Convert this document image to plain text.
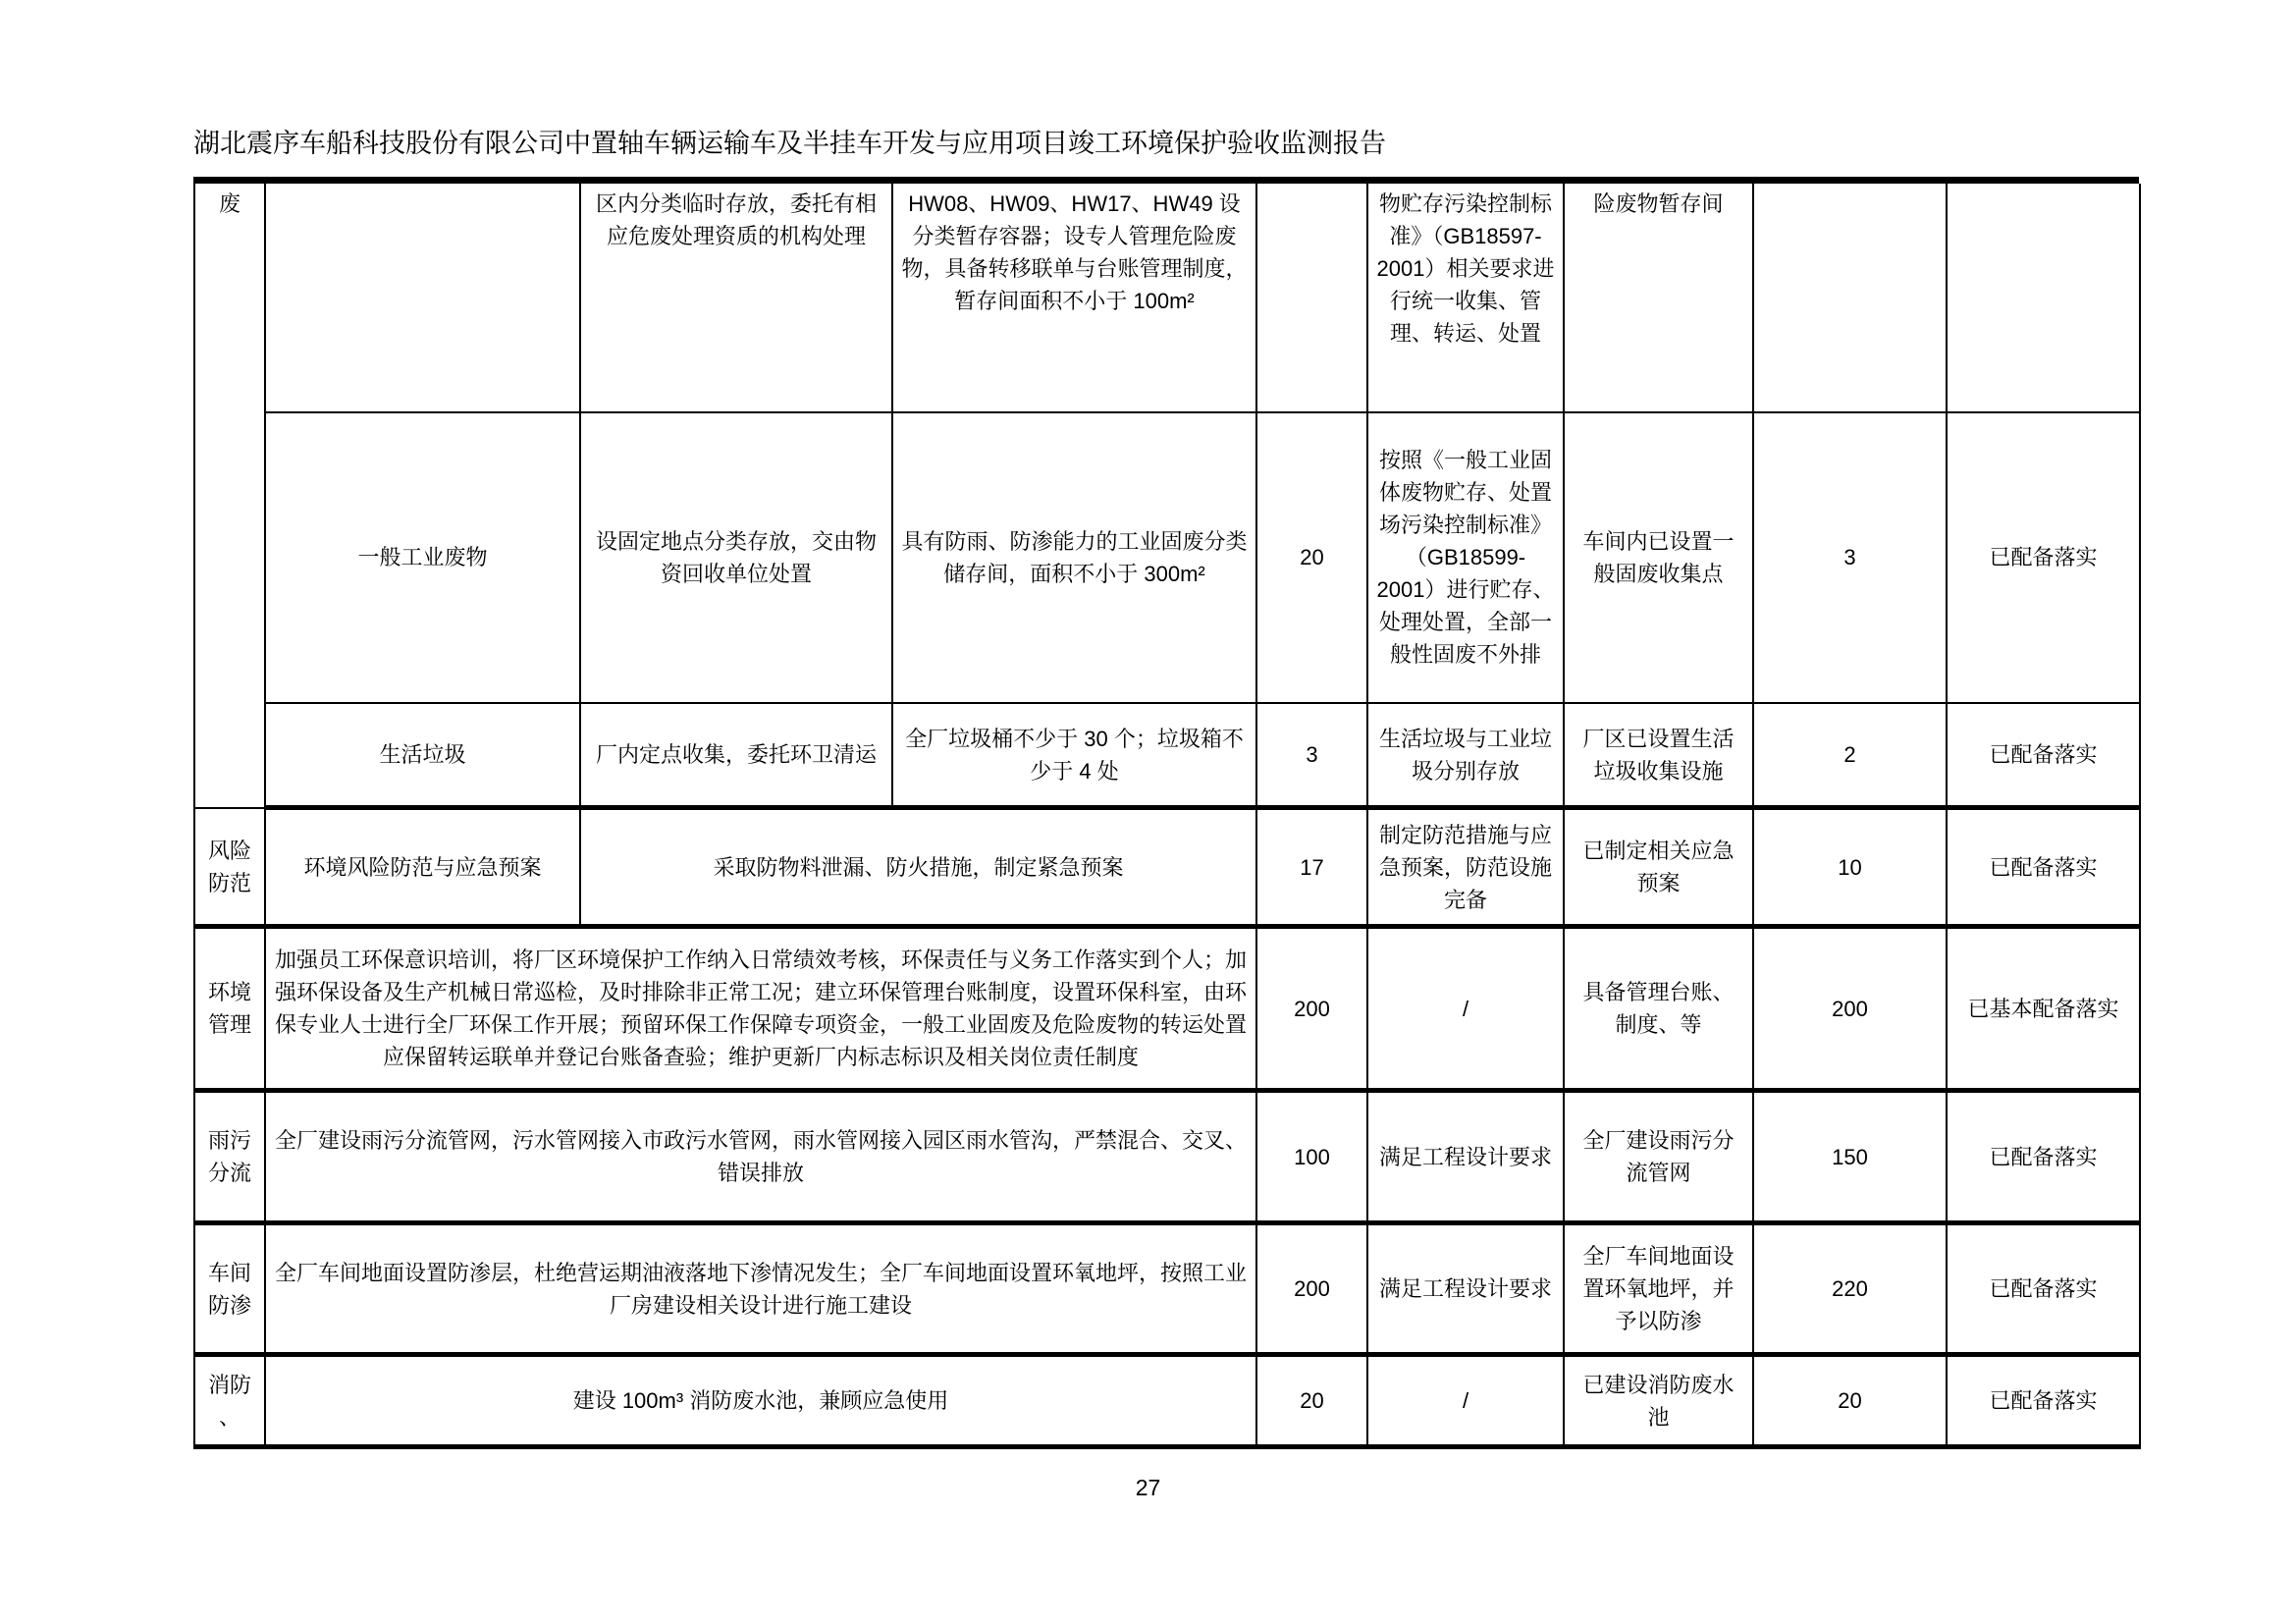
湖北震序车船科技股份有限公司中置轴车辆运输车及半挂车开发与应用项目竣工环境保护验收监测报告
废		区内分类临时存放，委托有相应危废处理资质的机构处理	HW08、HW09、HW17、HW49 设分类暂存容器；设专人管理危险废物，具备转移联单与台账管理制度，暂存间面积不小于 100m²		物贮存污染控制标准》（GB18597-2001）相关要求进行统一收集、管理、转运、处置	险废物暂存间		
	一般工业废物	设固定地点分类存放，交由物资回收单位处置	具有防雨、防渗能力的工业固废分类储存间，面积不小于 300m²	20	按照《一般工业固体废物贮存、处置场污染控制标准》（GB18599-2001）进行贮存、处理处置，全部一般性固废不外排	车间内已设置一般固废收集点	3	已配备落实
	生活垃圾	厂内定点收集，委托环卫清运	全厂垃圾桶不少于 30 个；垃圾箱不少于 4 处	3	生活垃圾与工业垃圾分别存放	厂区已设置生活垃圾收集设施	2	已配备落实
风险防范	环境风险防范与应急预案	采取防物料泄漏、防火措施，制定紧急预案		17	制定防范措施与应急预案，防范设施完备	已制定相关应急预案	10	已配备落实
环境管理	加强员工环保意识培训，将厂区环境保护工作纳入日常绩效考核，环保责任与义务工作落实到个人；加强环保设备及生产机械日常巡检，及时排除非正常工况；建立环保管理台账制度，设置环保科室，由环保专业人士进行全厂环保工作开展；预留环保工作保障专项资金，一般工业固废及危险废物的转运处置应保留转运联单并登记台账备查验；维护更新厂内标志标识及相关岗位责任制度			200	/	具备管理台账、制度、等	200	已基本配备落实
雨污分流	全厂建设雨污分流管网，污水管网接入市政污水管网，雨水管网接入园区雨水管沟，严禁混合、交叉、错误排放			100	满足工程设计要求	全厂建设雨污分流管网	150	已配备落实
车间防渗	全厂车间地面设置防渗层，杜绝营运期油液落地下渗情况发生；全厂车间地面设置环氧地坪，按照工业厂房建设相关设计进行施工建设			200	满足工程设计要求	全厂车间地面设置环氧地坪，并予以防渗	220	已配备落实
消防、	建设 100m³ 消防废水池，兼顾应急使用			20	/	已建设消防废水池	20	已配备落实
27
